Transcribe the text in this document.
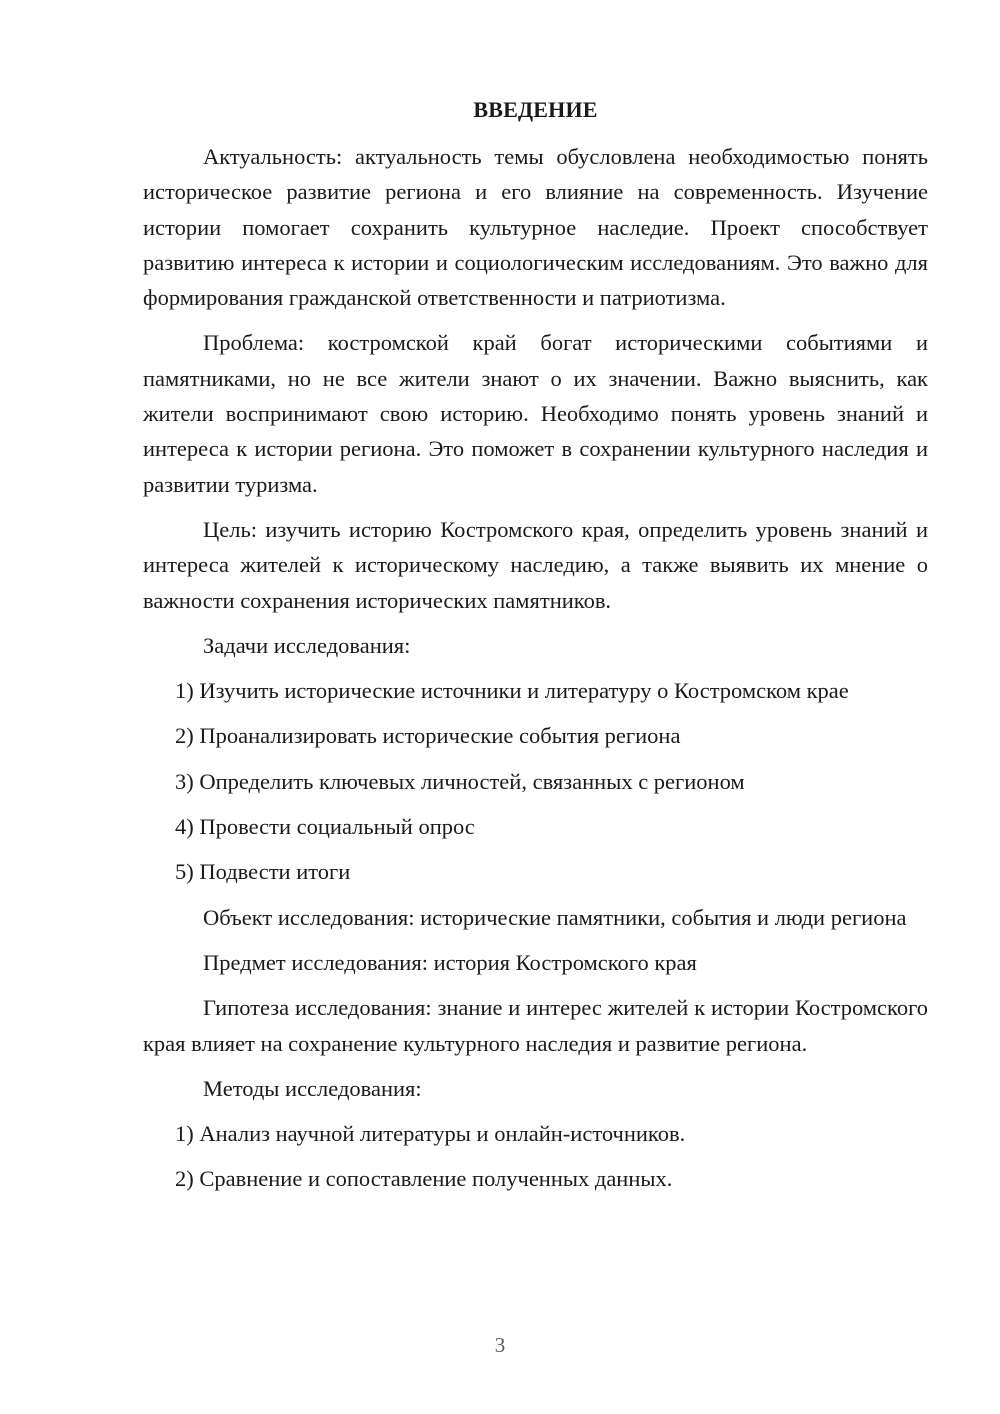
ВВЕДЕНИЕ

Актуальность: актуальность темы обусловлена необходимостью понять историческое развитие региона и его влияние на современность. Изучение истории помогает сохранить культурное наследие. Проект способствует развитию интереса к истории и социологическим исследованиям. Это важно для формирования гражданской ответственности и патриотизма.

Проблема: костромской край богат историческими событиями и памятниками, но не все жители знают о их значении. Важно выяснить, как жители воспринимают свою историю. Необходимо понять уровень знаний и интереса к истории региона. Это поможет в сохранении культурного наследия и развитии туризма.

Цель: изучить историю Костромского края, определить уровень знаний и интереса жителей к историческому наследию, а также выявить их мнение о важности сохранения исторических памятников.

Задачи исследования:
1) Изучить исторические источники и литературу о Костромском крае
2) Проанализировать исторические события региона
3) Определить ключевых личностей, связанных с регионом
4) Провести социальный опрос
5) Подвести итоги

Объект исследования: исторические памятники, события и люди региона

Предмет исследования: история Костромского края

Гипотеза исследования: знание и интерес жителей к истории Костромского края влияет на сохранение культурного наследия и развитие региона.

Методы исследования:
1) Анализ научной литературы и онлайн-источников.
2) Сравнение и сопоставление полученных данных.
3
